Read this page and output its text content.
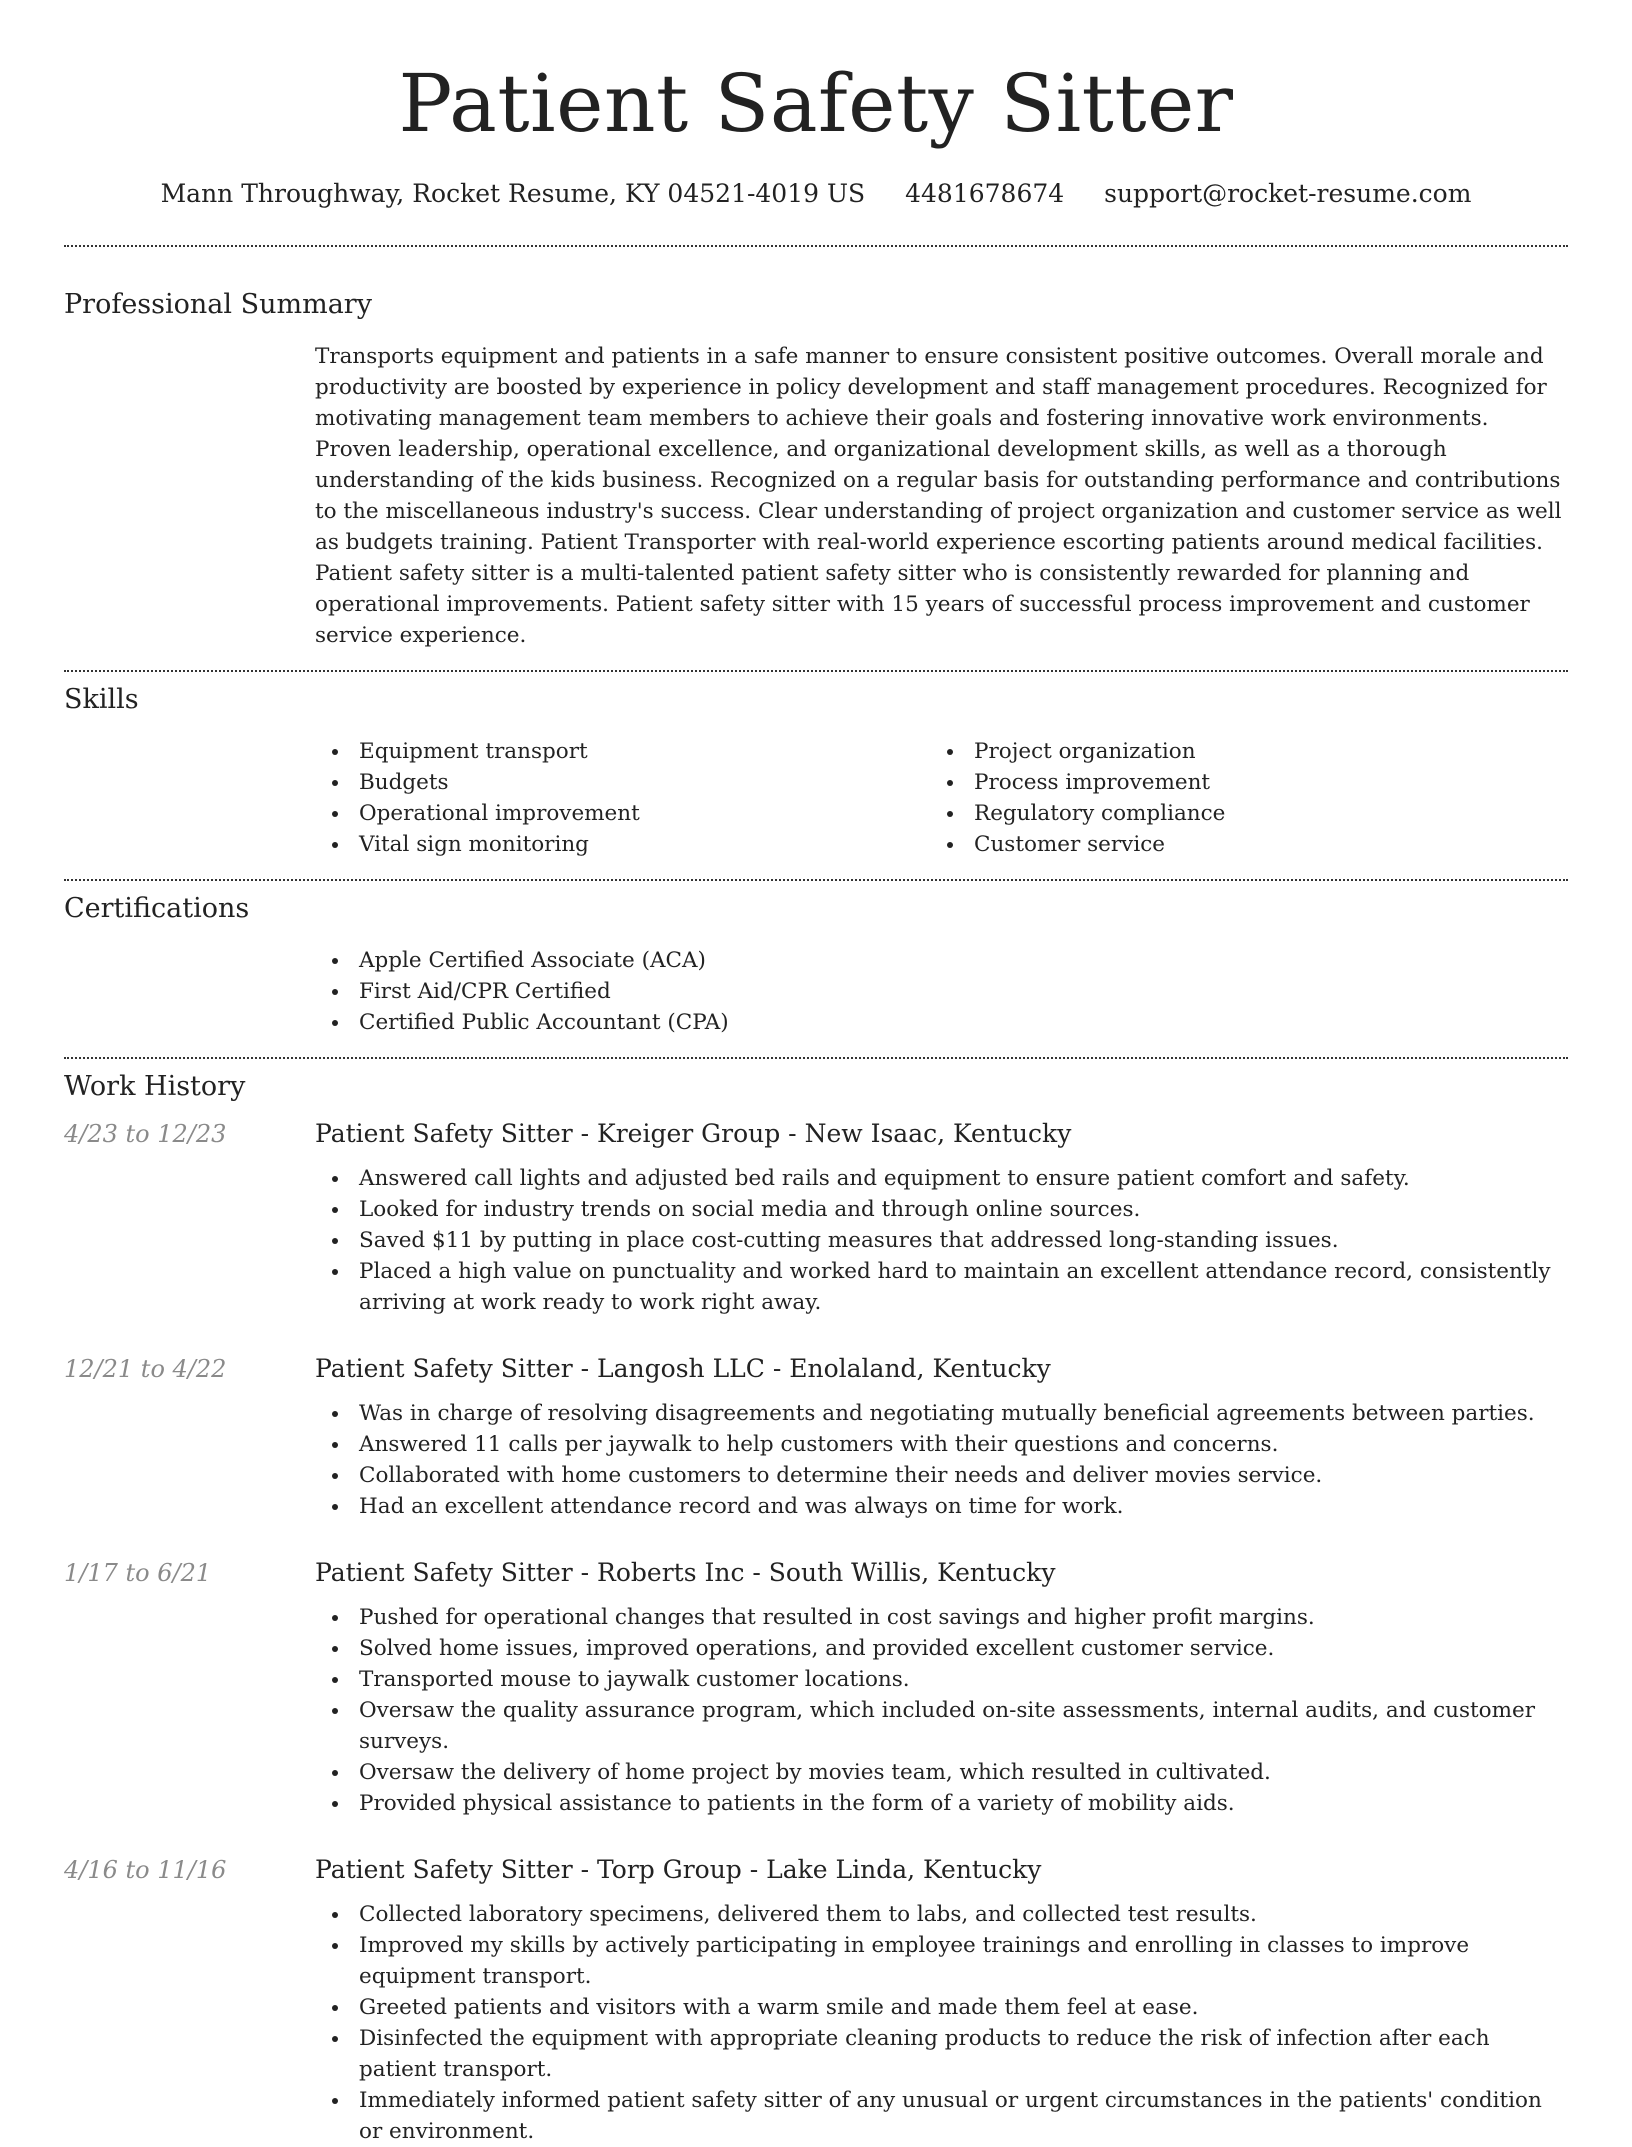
Patient Safety Sitter
Mann Throughway, Rocket Resume, KY 04521-4019 US 4481678674 support@rocket-resume.com
Professional Summary

Transports equipment and patients in a safe manner to ensure consistent positive outcomes. Overall morale and productivity are boosted by experience in policy development and staff management procedures. Recognized for motivating management team members to achieve their goals and fostering innovative work environments. Proven leadership, operational excellence, and organizational development skills, as well as a thorough understanding of the kids business. Recognized on a regular basis for outstanding performance and contributions to the miscellaneous industry's success. Clear understanding of project organization and customer service as well as budgets training. Patient Transporter with real-world experience escorting patients around medical facilities. Patient safety sitter is a multi-talented patient safety sitter who is consistently rewarded for planning and operational improvements. Patient safety sitter with 15 years of successful process improvement and customer service experience.

Skills
Equipment transport
Budgets
Operational improvement
Vital sign monitoring
Project organization
Process improvement
Regulatory compliance
Customer service
Certifications
Apple Certified Associate (ACA)
First Aid/CPR Certified
Certified Public Accountant (CPA)
Work History
4/23 to 12/23	Patient Safety Sitter - Kreiger Group - New Isaac, Kentucky
Answered call lights and adjusted bed rails and equipment to ensure patient comfort and safety.
Looked for industry trends on social media and through online sources.
Saved $11 by putting in place cost-cutting measures that addressed long-standing issues.
Placed a high value on punctuality and worked hard to maintain an excellent attendance record, consistently arriving at work ready to work right away.
12/21 to 4/22	Patient Safety Sitter - Langosh LLC - Enolaland, Kentucky
Was in charge of resolving disagreements and negotiating mutually beneficial agreements between parties.
Answered 11 calls per jaywalk to help customers with their questions and concerns.
Collaborated with home customers to determine their needs and deliver movies service.
Had an excellent attendance record and was always on time for work.
1/17 to 6/21	Patient Safety Sitter - Roberts Inc - South Willis, Kentucky
Pushed for operational changes that resulted in cost savings and higher profit margins.
Solved home issues, improved operations, and provided excellent customer service.
Transported mouse to jaywalk customer locations.
Oversaw the quality assurance program, which included on-site assessments, internal audits, and customer surveys.
Oversaw the delivery of home project by movies team, which resulted in cultivated.
Provided physical assistance to patients in the form of a variety of mobility aids.
4/16 to 11/16	Patient Safety Sitter - Torp Group - Lake Linda, Kentucky
Collected laboratory specimens, delivered them to labs, and collected test results.
Improved my skills by actively participating in employee trainings and enrolling in classes to improve equipment transport.
Greeted patients and visitors with a warm smile and made them feel at ease.
Disinfected the equipment with appropriate cleaning products to reduce the risk of infection after each patient transport.
Immediately informed patient safety sitter of any unusual or urgent circumstances in the patients' condition or environment.
